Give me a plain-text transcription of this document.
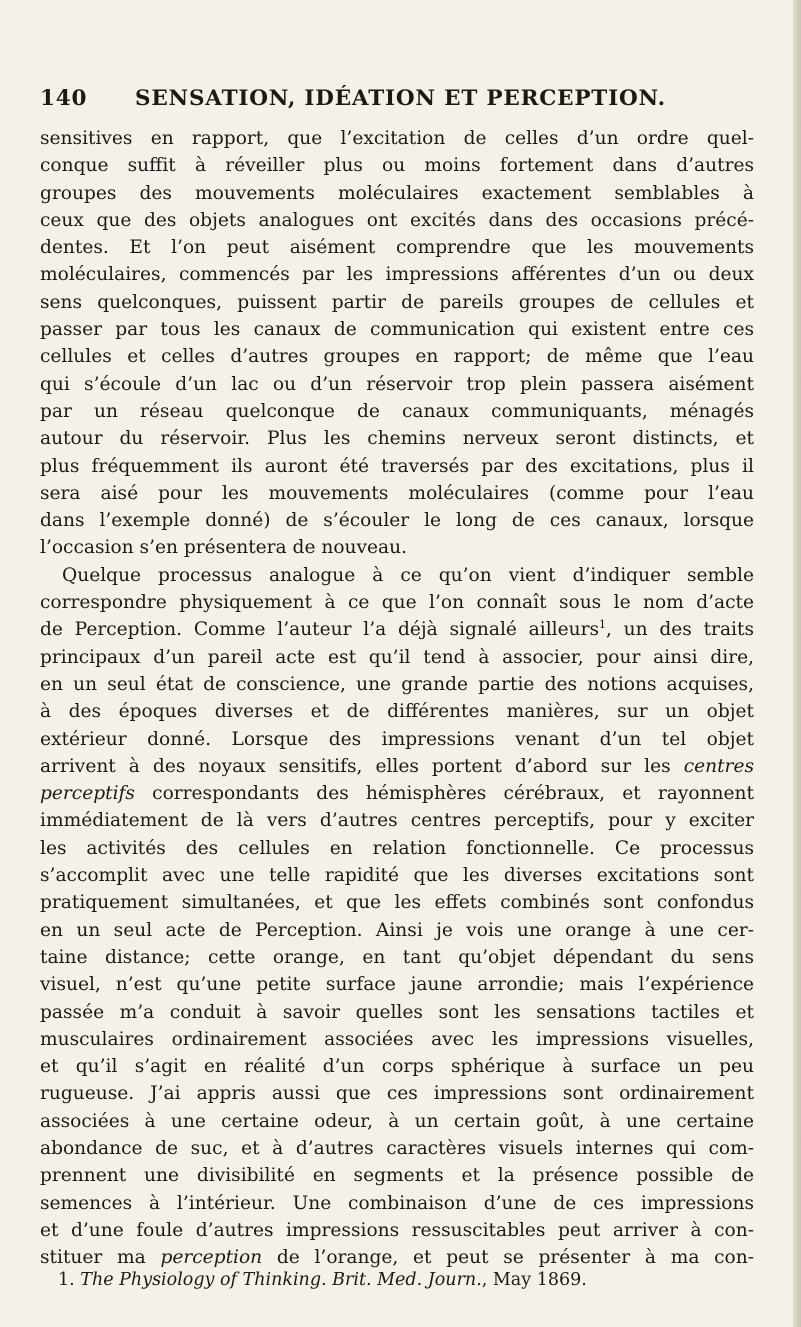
140 SENSATION, IDÉATION ET PERCEPTION.
sensitives en rapport, que l’excitation de celles d’un ordre quel-
conque suffit à réveiller plus ou moins fortement dans d’autres
groupes des mouvements moléculaires exactement semblables à
ceux que des objets analogues ont excités dans des occasions précé-
dentes. Et l’on peut aisément comprendre que les mouvements
moléculaires, commencés par les impressions afférentes d’un ou deux
sens quelconques, puissent partir de pareils groupes de cellules et
passer par tous les canaux de communication qui existent entre ces
cellules et celles d’autres groupes en rapport; de même que l’eau
qui s’écoule d’un lac ou d’un réservoir trop plein passera aisément
par un réseau quelconque de canaux communiquants, ménagés
autour du réservoir. Plus les chemins nerveux seront distincts, et
plus fréquemment ils auront été traversés par des excitations, plus il
sera aisé pour les mouvements moléculaires (comme pour l’eau
dans l’exemple donné) de s’écouler le long de ces canaux, lorsque
l’occasion s’en présentera de nouveau.
Quelque processus analogue à ce qu’on vient d’indiquer semble
correspondre physiquement à ce que l’on connaît sous le nom d’acte
de Perception. Comme l’auteur l’a déjà signalé ailleurs$^1$, un des traits
principaux d’un pareil acte est qu’il tend à associer, pour ainsi dire,
en un seul état de conscience, une grande partie des notions acquises,
à des époques diverses et de différentes manières, sur un objet
extérieur donné. Lorsque des impressions venant d’un tel objet
arrivent à des noyaux sensitifs, elles portent d’abord sur les centres
perceptifs correspondants des hémisphères cérébraux, et rayonnent
immédiatement de là vers d’autres centres perceptifs, pour y exciter
les activités des cellules en relation fonctionnelle. Ce processus
s’accomplit avec une telle rapidité que les diverses excitations sont
pratiquement simultanées, et que les effets combinés sont confondus
en un seul acte de Perception. Ainsi je vois une orange à une cer-
taine distance; cette orange, en tant qu’objet dépendant du sens
visuel, n’est qu’une petite surface jaune arrondie; mais l’expérience
passée m’a conduit à savoir quelles sont les sensations tactiles et
musculaires ordinairement associées avec les impressions visuelles,
et qu’il s’agit en réalité d’un corps sphérique à surface un peu
rugueuse. J’ai appris aussi que ces impressions sont ordinairement
associées à une certaine odeur, à un certain goût, à une certaine
abondance de suc, et à d’autres caractères visuels internes qui com-
prennent une divisibilité en segments et la présence possible de
semences à l’intérieur. Une combinaison d’une de ces impressions
et d’une foule d’autres impressions ressuscitables peut arriver à con-
stituer ma perception de l’orange, et peut se présenter à ma con-
1. The Physiology of Thinking. Brit. Med. Journ., May 1869.
